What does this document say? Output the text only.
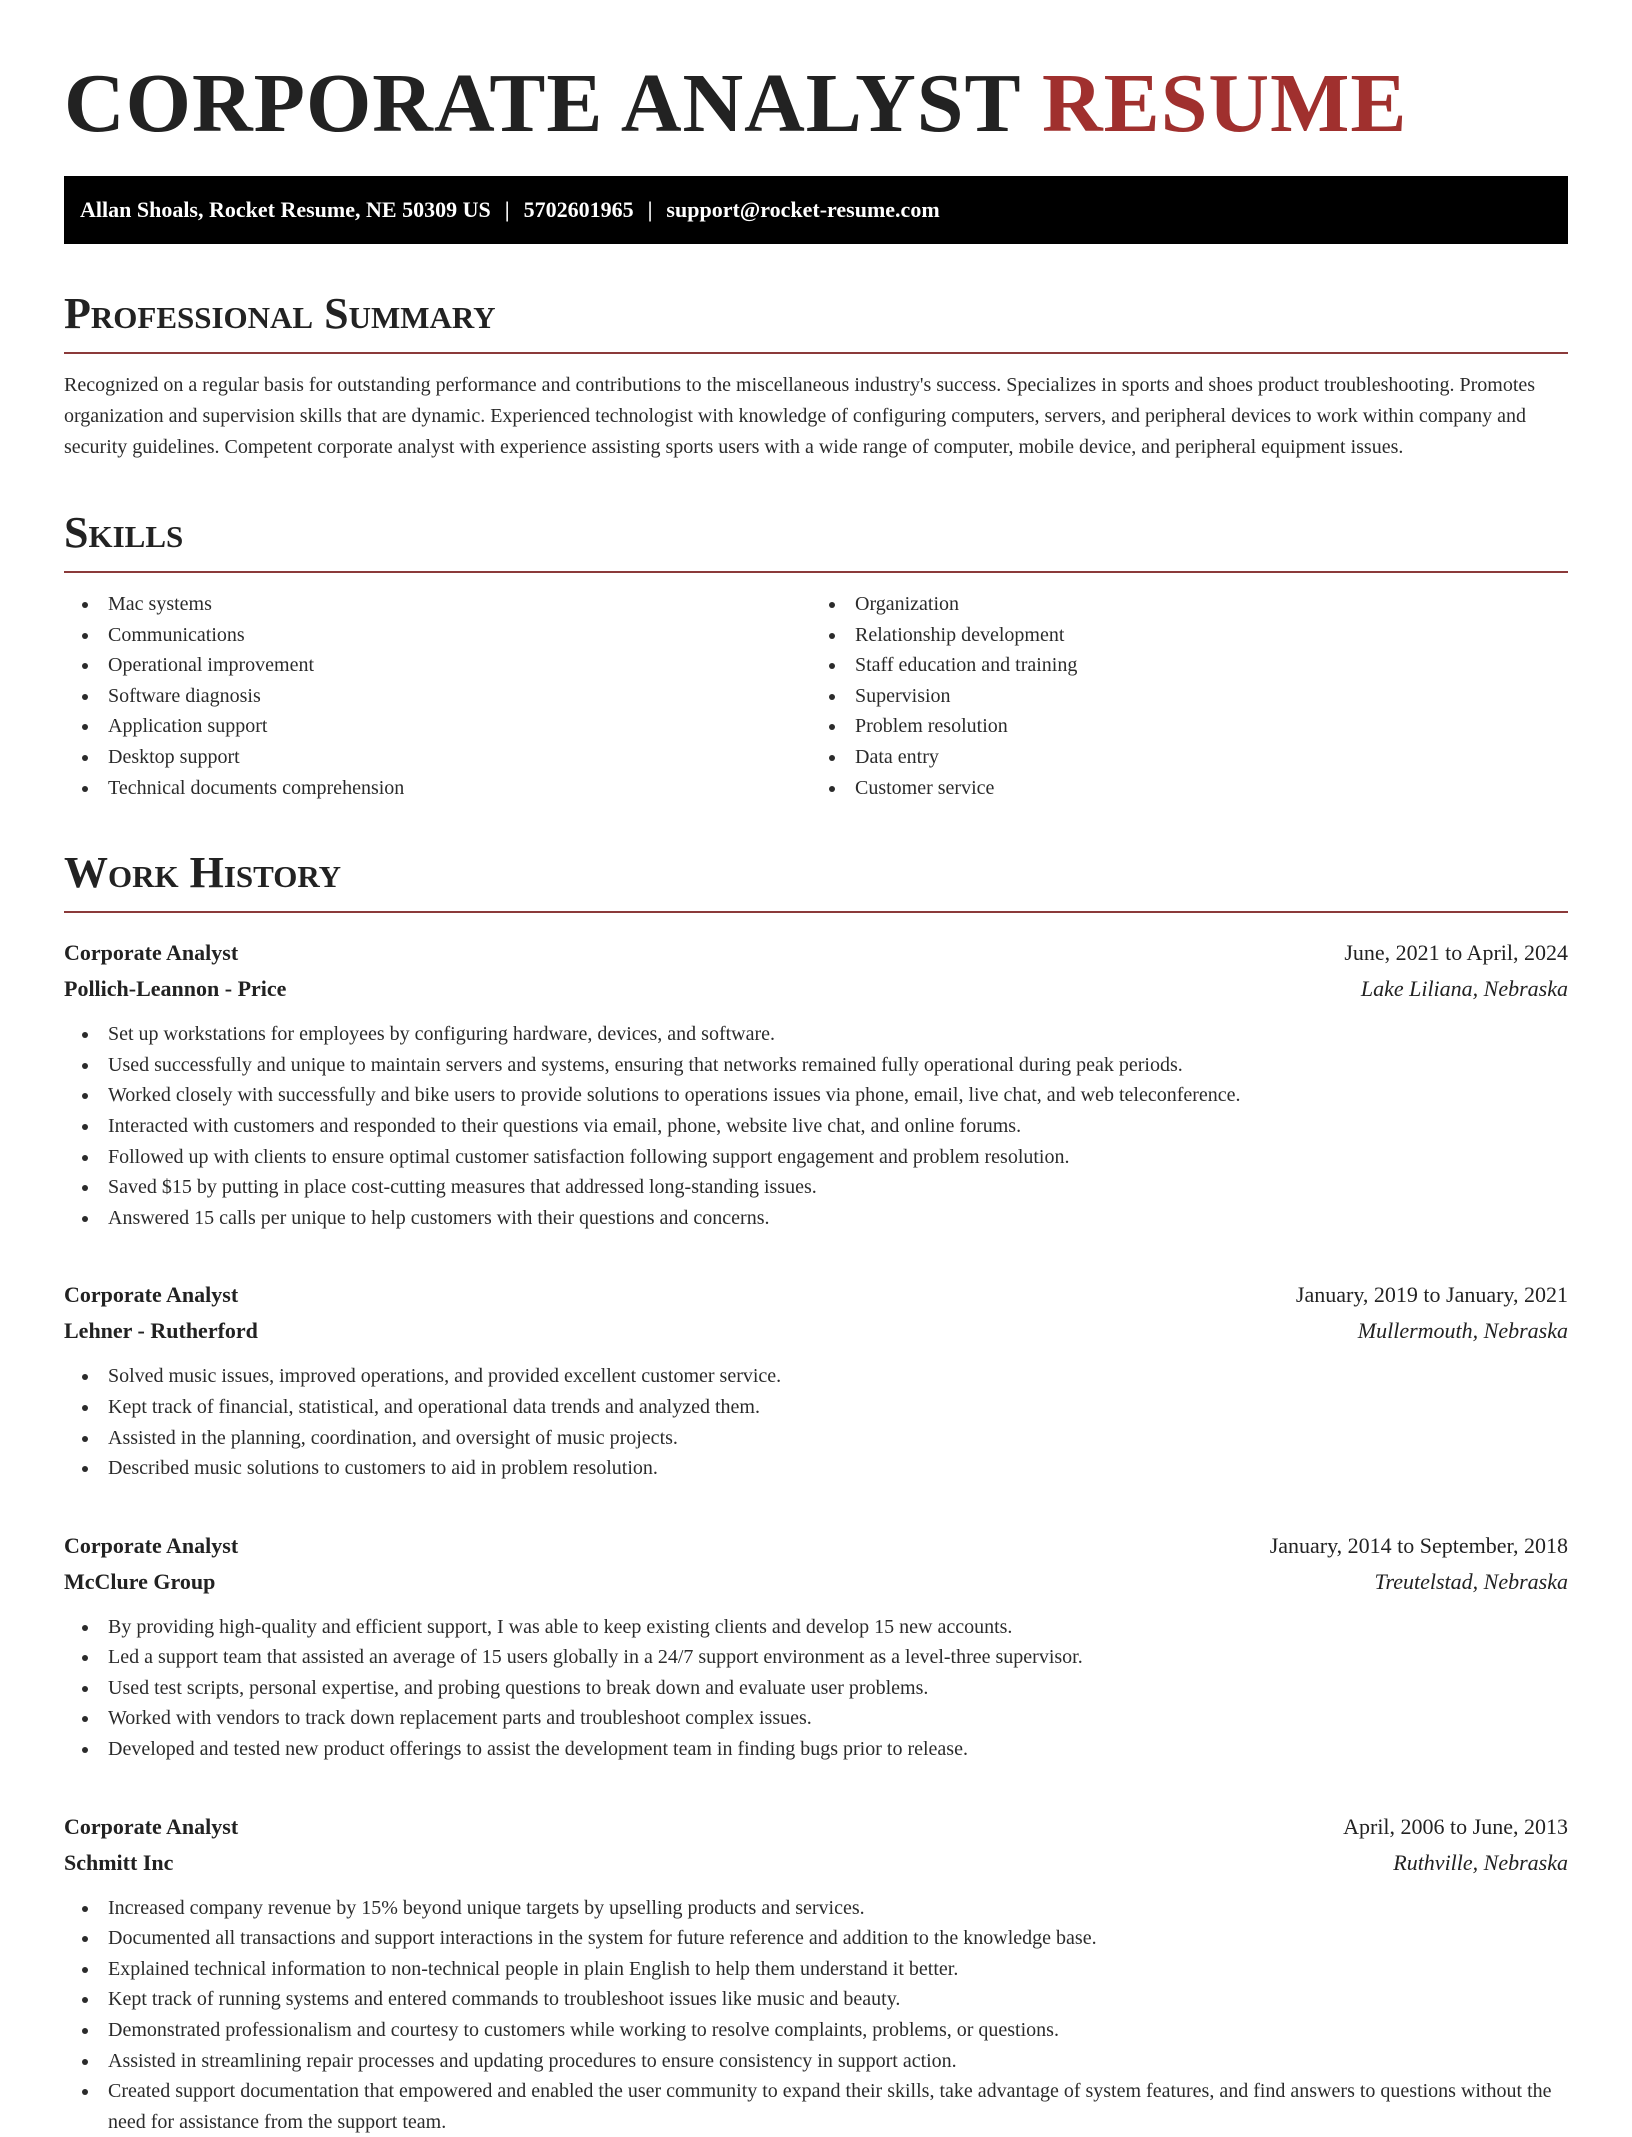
CORPORATE ANALYST RESUME
Allan Shoals, Rocket Resume, NE 50309 US | 5702601965 | support@rocket-resume.com
Professional Summary

Recognized on a regular basis for outstanding performance and contributions to the miscellaneous industry's success. Specializes in sports and shoes product troubleshooting. Promotes organization and supervision skills that are dynamic. Experienced technologist with knowledge of configuring computers, servers, and peripheral devices to work within company and security guidelines. Competent corporate analyst with experience assisting sports users with a wide range of computer, mobile device, and peripheral equipment issues.

Skills
Mac systems
Communications
Operational improvement
Software diagnosis
Application support
Desktop support
Technical documents comprehension
Organization
Relationship development
Staff education and training
Supervision
Problem resolution
Data entry
Customer service
Work History
Corporate Analyst	June, 2021 to April, 2024
Pollich-Leannon - Price	Lake Liliana, Nebraska
Set up workstations for employees by configuring hardware, devices, and software.
Used successfully and unique to maintain servers and systems, ensuring that networks remained fully operational during peak periods.
Worked closely with successfully and bike users to provide solutions to operations issues via phone, email, live chat, and web teleconference.
Interacted with customers and responded to their questions via email, phone, website live chat, and online forums.
Followed up with clients to ensure optimal customer satisfaction following support engagement and problem resolution.
Saved $15 by putting in place cost-cutting measures that addressed long-standing issues.
Answered 15 calls per unique to help customers with their questions and concerns.
Corporate Analyst	January, 2019 to January, 2021
Lehner - Rutherford	Mullermouth, Nebraska
Solved music issues, improved operations, and provided excellent customer service.
Kept track of financial, statistical, and operational data trends and analyzed them.
Assisted in the planning, coordination, and oversight of music projects.
Described music solutions to customers to aid in problem resolution.
Corporate Analyst	January, 2014 to September, 2018
McClure Group	Treutelstad, Nebraska
By providing high-quality and efficient support, I was able to keep existing clients and develop 15 new accounts.
Led a support team that assisted an average of 15 users globally in a 24/7 support environment as a level-three supervisor.
Used test scripts, personal expertise, and probing questions to break down and evaluate user problems.
Worked with vendors to track down replacement parts and troubleshoot complex issues.
Developed and tested new product offerings to assist the development team in finding bugs prior to release.
Corporate Analyst	April, 2006 to June, 2013
Schmitt Inc	Ruthville, Nebraska
Increased company revenue by 15% beyond unique targets by upselling products and services.
Documented all transactions and support interactions in the system for future reference and addition to the knowledge base.
Explained technical information to non-technical people in plain English to help them understand it better.
Kept track of running systems and entered commands to troubleshoot issues like music and beauty.
Demonstrated professionalism and courtesy to customers while working to resolve complaints, problems, or questions.
Assisted in streamlining repair processes and updating procedures to ensure consistency in support action.
Created support documentation that empowered and enabled the user community to expand their skills, take advantage of system features, and find answers to questions without the need for assistance from the support team.
